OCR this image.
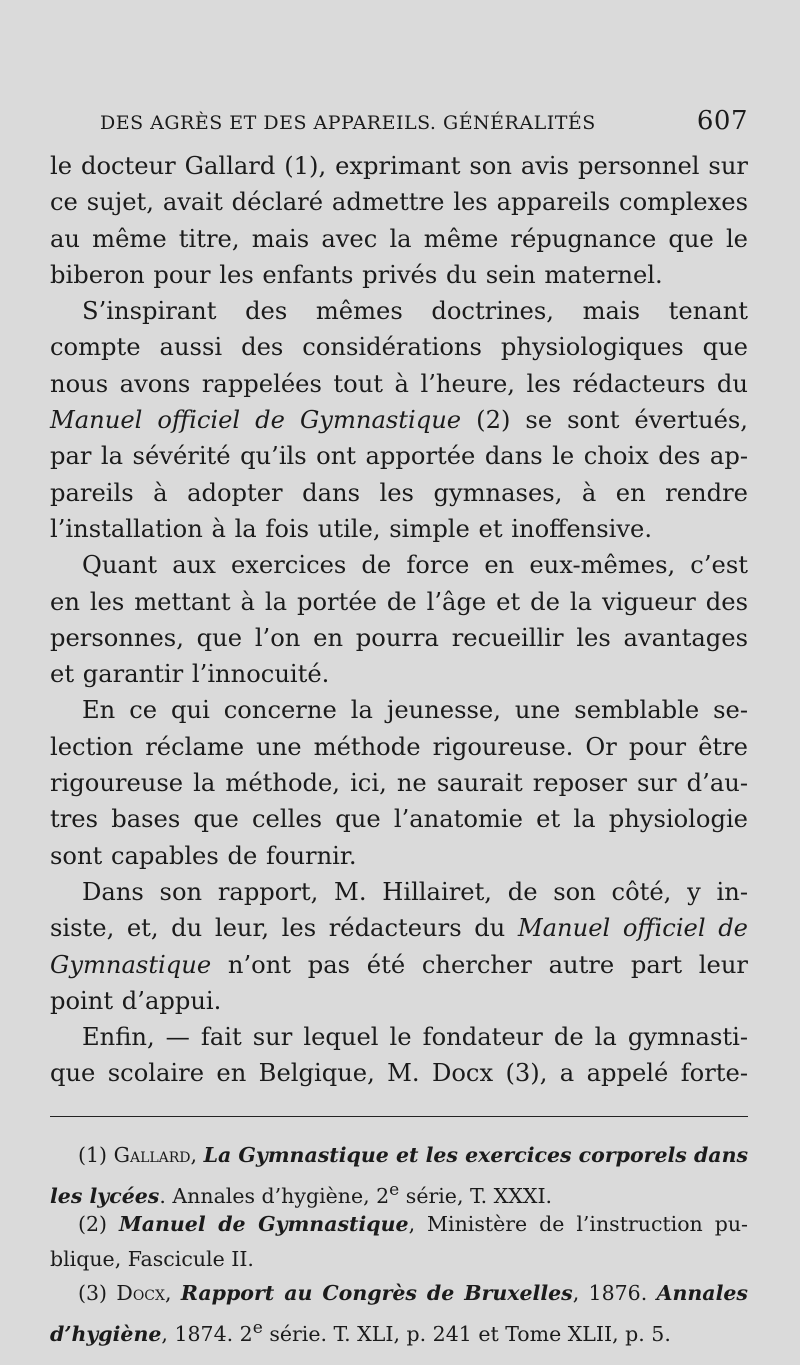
DES AGRÈS ET DES APPAREILS. GÉNÉRALITÉS	607
le docteur Gallard (1), exprimant son avis personnel sur
ce sujet, avait déclaré admettre les appareils complexes
au même titre, mais avec la même répugnance que le
biberon pour les enfants privés du sein maternel.
S’inspirant des mêmes doctrines, mais tenant
compte aussi des considérations physiologiques que
nous avons rappelées tout à l’heure, les rédacteurs du
Manuel officiel de Gymnastique (2) se sont évertués,
par la sévérité qu’ils ont apportée dans le choix des ap-
pareils à adopter dans les gymnases, à en rendre
l’installation à la fois utile, simple et inoffensive.
Quant aux exercices de force en eux-mêmes, c’est
en les mettant à la portée de l’âge et de la vigueur des
personnes, que l’on en pourra recueillir les avantages
et garantir l’innocuité.
En ce qui concerne la jeunesse, une semblable se-
lection réclame une méthode rigoureuse. Or pour être
rigoureuse la méthode, ici, ne saurait reposer sur d’au-
tres bases que celles que l’anatomie et la physiologie
sont capables de fournir.
Dans son rapport, M. Hillairet, de son côté, y in-
siste, et, du leur, les rédacteurs du Manuel officiel de
Gymnastique n’ont pas été chercher autre part leur
point d’appui.
Enfin, — fait sur lequel le fondateur de la gymnasti-
que scolaire en Belgique, M. Docx (3), a appelé forte-
(1) Gallard, La Gymnastique et les exercices corporels dans
les lycées. Annales d’hygiène, 2e série, T. XXXI.
(2) Manuel de Gymnastique, Ministère de l’instruction pu-
blique, Fascicule II.
(3) Docx, Rapport au Congrès de Bruxelles, 1876. Annales
d’hygiène, 1874. 2e série. T. XLI, p. 241 et Tome XLII, p. 5.
